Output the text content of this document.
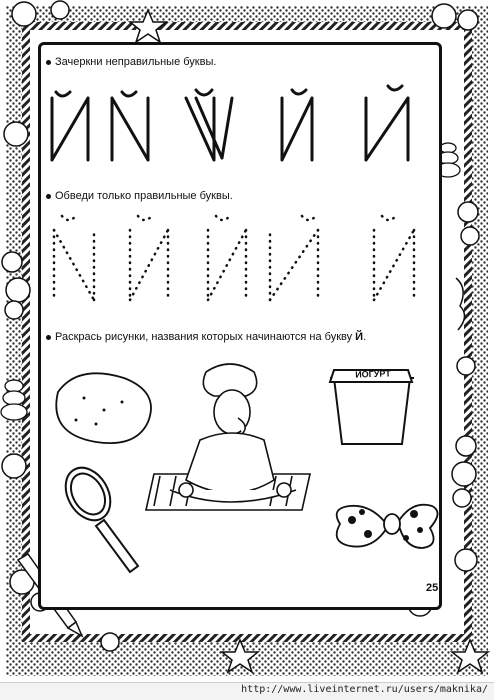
Зачеркни неправильные буквы.
Обведи только правильные буквы.
Раскрась рисунки, названия которых начинаются на букву Й.
ЙОГУРТ
25
http://www.liveinternet.ru/users/maknika/
